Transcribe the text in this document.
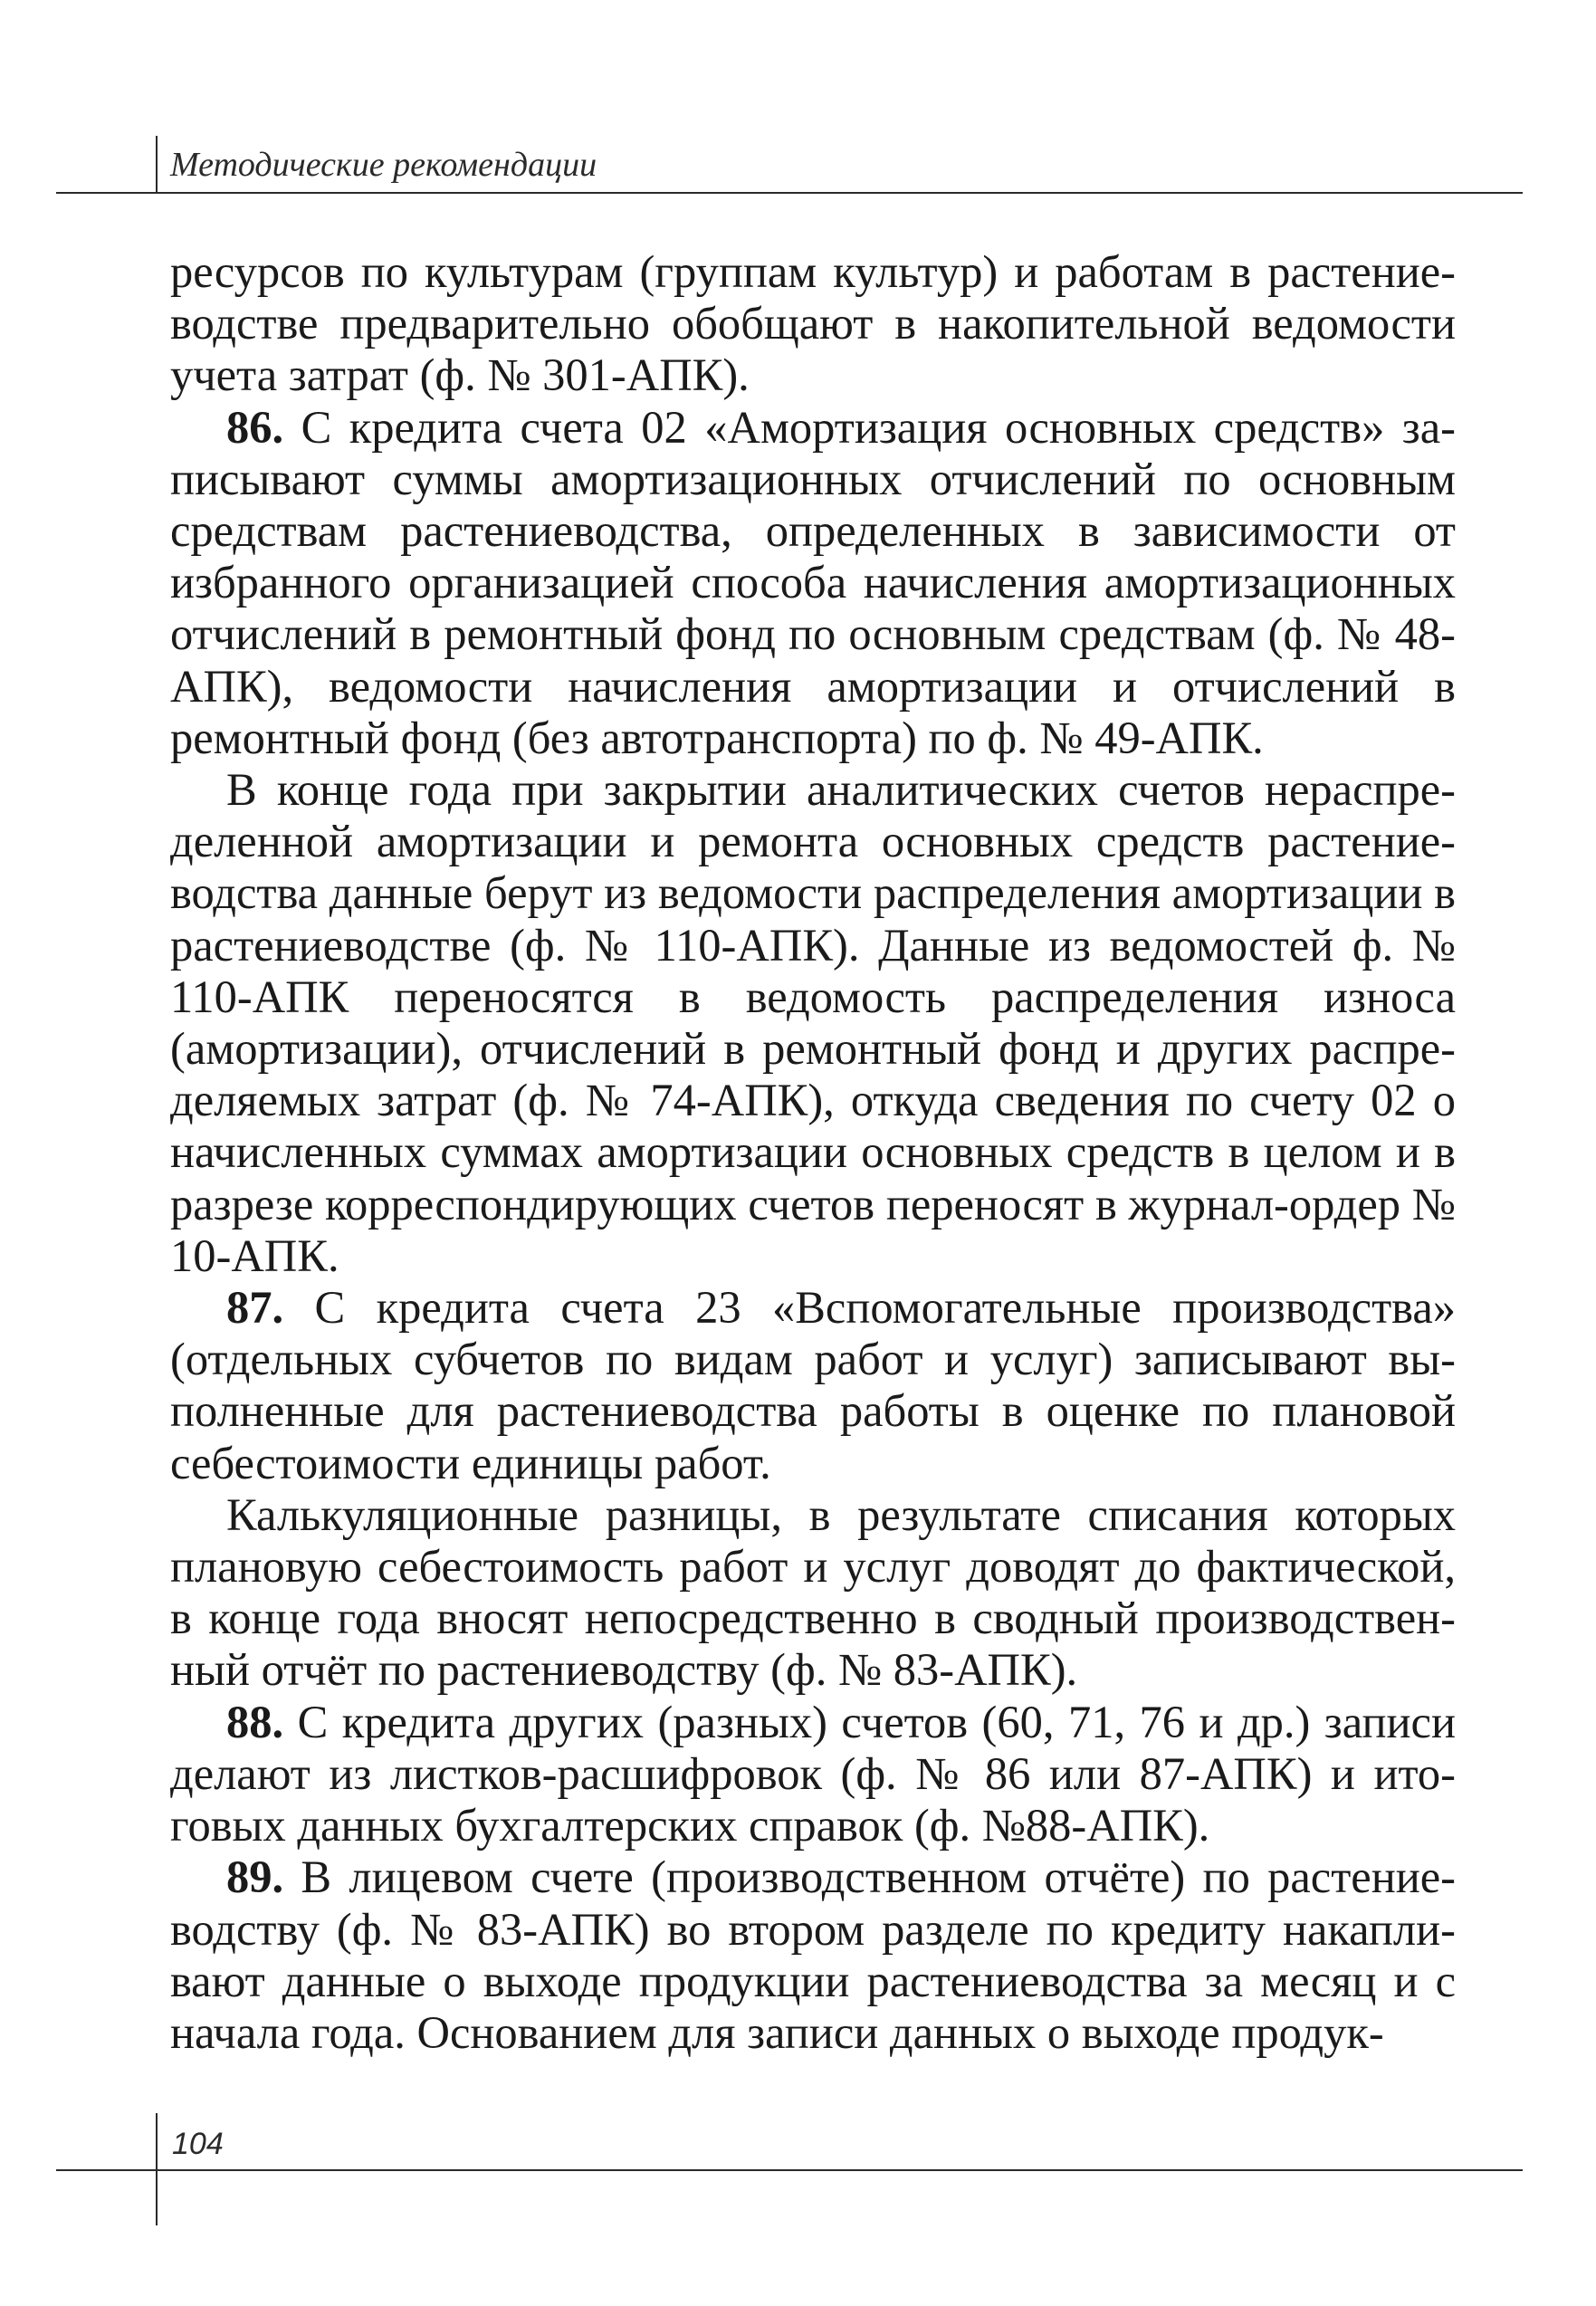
Методические рекомендации

ресурсов по культурам (группам культур) и работам в растениеводстве предварительно обобщают в накопительной ведомости учета затрат (ф. № 301-АПК).

86. С кредита счета 02 «Амортизация основных средств» записывают суммы амортизационных отчислений по основным средствам растениеводства, определенных в зависимости от избранного организацией способа начисления амортизационных отчислений в ремонтный фонд по основным средствам (ф. № 48-АПК), ведомости начисления амортизации и отчислений в ремонтный фонд (без автотранспорта) по ф. № 49-АПК.

В конце года при закрытии аналитических счетов нераспределенной амортизации и ремонта основных средств растениеводства данные берут из ведомости распределения амортизации в растениеводстве (ф. № 110-АПК). Данные из ведомостей ф. № 110-АПК переносятся в ведомость распределения износа (амортизации), отчислений в ремонтный фонд и других распределяемых затрат (ф. № 74-АПК), откуда сведения по счету 02 о начисленных суммах амортизации основных средств в целом и в разрезе корреспондирующих счетов переносят в журнал-ордер № 10-АПК.

87. С кредита счета 23 «Вспомогательные производства» (отдельных субчетов по видам работ и услуг) записывают выполненные для растениеводства работы в оценке по плановой себестоимости единицы работ.

Калькуляционные разницы, в результате списания которых плановую себестоимость работ и услуг доводят до фактической, в конце года вносят непосредственно в сводный производственный отчёт по растениеводству (ф. № 83-АПК).

88. С кредита других (разных) счетов (60, 71, 76 и др.) записи делают из листков-расшифровок (ф. № 86 или 87-АПК) и итоговых данных бухгалтерских справок (ф. №88-АПК).

89. В лицевом счете (производственном отчёте) по растениеводству (ф. № 83-АПК) во втором разделе по кредиту накапливают данные о выходе продукции растениеводства за месяц и с начала года. Основанием для записи данных о выходе продук-

104
